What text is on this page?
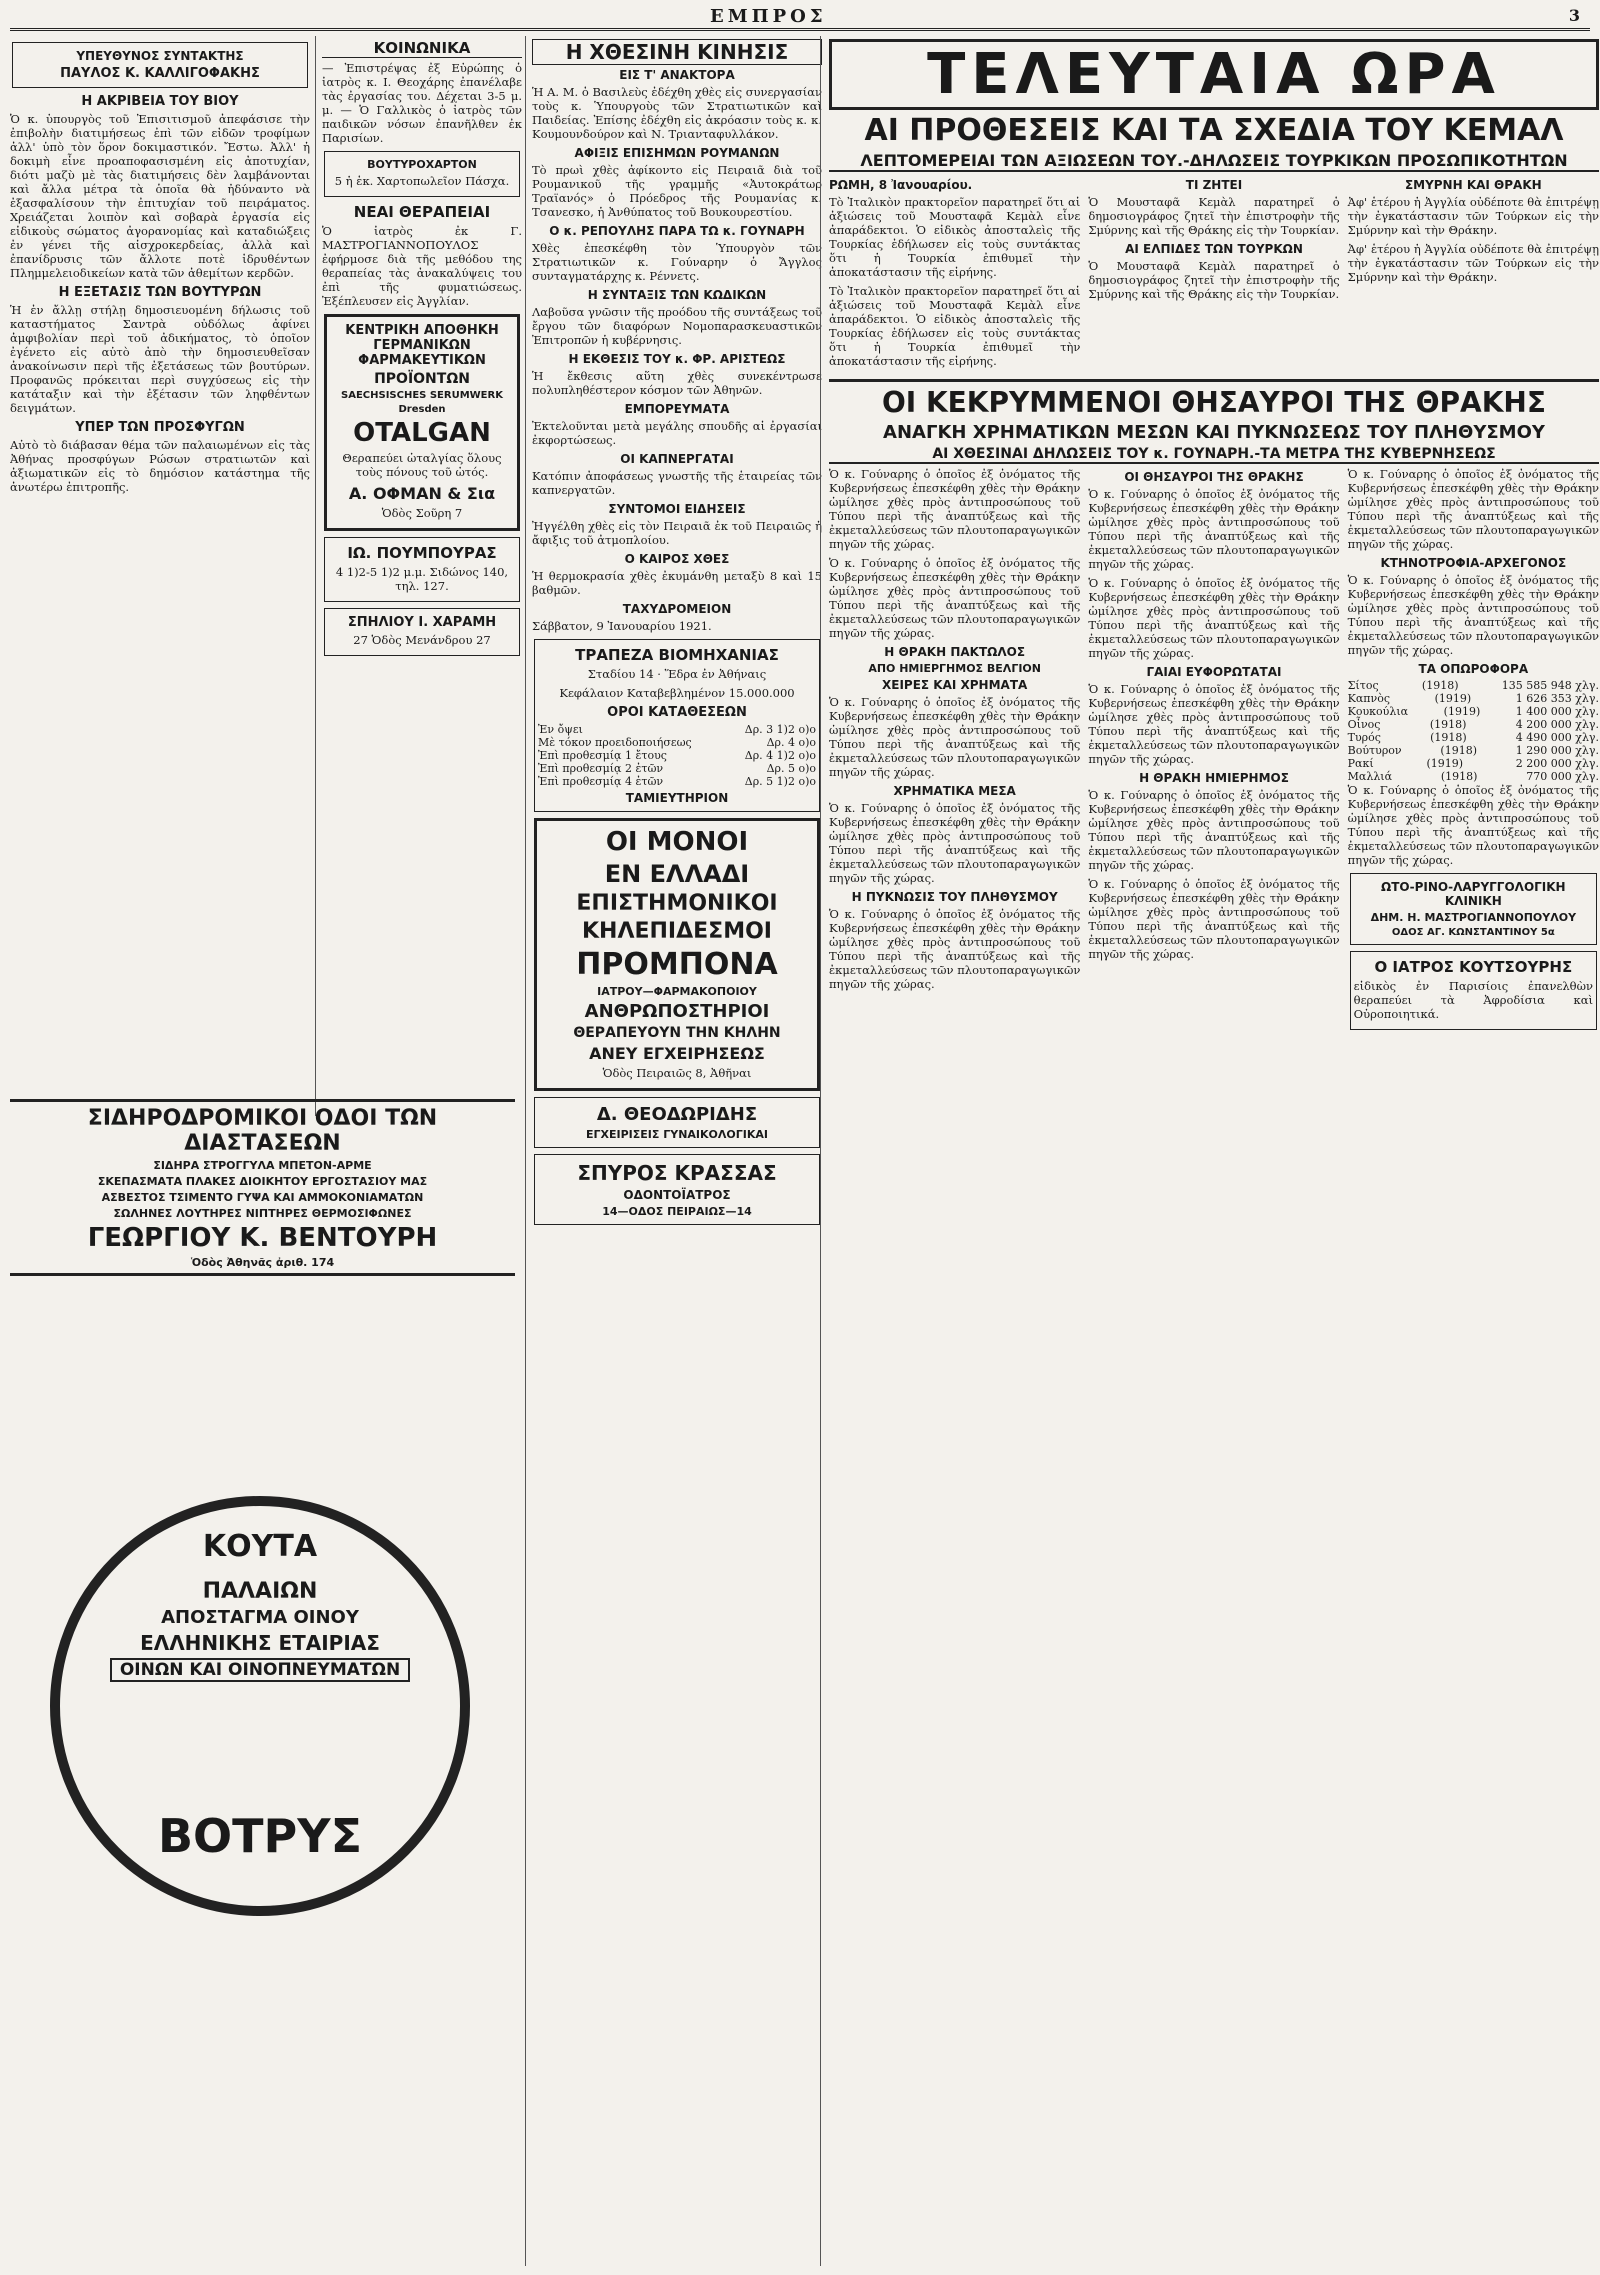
ΕΜΠΡΟΣ	3
ΥΠΕΥΘΥΝΟΣ ΣΥΝΤΑΚΤΗΣ
ΠΑΥΛΟΣ Κ. ΚΑΛΛΙΓΟΦΑΚΗΣ
Η ΑΚΡΙΒΕΙΑ ΤΟΥ ΒΙΟΥ

Ὁ κ. ὑπουργὸς τοῦ Ἐπισιτισμοῦ ἀπεφάσισε τὴν ἐπιβολὴν διατιμήσεως ἐπὶ τῶν εἰδῶν τροφίμων ἀλλ' ὑπὸ τὸν ὅρον δοκιμαστικόν. Ἔστω. Ἀλλ' ἡ δοκιμὴ εἶνε προαποφασισμένη εἰς ἀποτυχίαν, διότι μαζὺ μὲ τὰς διατιμήσεις δὲν λαμβάνονται καὶ ἄλλα μέτρα τὰ ὁποῖα θὰ ἠδύναντο νὰ ἐξασφαλίσουν τὴν ἐπιτυχίαν τοῦ πειράματος. Χρειάζεται λοιπὸν καὶ σοβαρὰ ἐργασία εἰς εἰδικοὺς σώματος ἀγορανομίας καὶ καταδιώξεις ἐν γένει τῆς αἰσχροκερδείας, ἀλλὰ καὶ ἐπανίδρυσις τῶν ἄλλοτε ποτὲ ἱδρυθέντων Πλημμελειοδικείων κατὰ τῶν ἀθεμίτων κερδῶν.

Η ΕΞΕΤΑΣΙΣ ΤΩΝ ΒΟΥΤΥΡΩΝ

Ἡ ἐν ἄλλῃ στήλῃ δημοσιευομένη δήλωσις τοῦ καταστήματος Σαντρὰ οὐδόλως ἀφίνει ἀμφιβολίαν περὶ τοῦ ἀδικήματος, τὸ ὁποῖον ἐγένετο εἰς αὐτὸ ἀπὸ τὴν δημοσιευθεῖσαν ἀνακοίνωσιν περὶ τῆς ἐξετάσεως τῶν βουτύρων. Προφανῶς πρόκειται περὶ συγχύσεως εἰς τὴν κατάταξιν καὶ τὴν ἐξέτασιν τῶν ληφθέντων δειγμάτων.

ΥΠΕΡ ΤΩΝ ΠΡΟΣΦΥΓΩΝ

Αὐτὸ τὸ διάβασαν θέμα τῶν παλαιωμένων εἰς τὰς Ἀθήνας προσφύγων Ρώσων στρατιωτῶν καὶ ἀξιωματικῶν εἰς τὸ δημόσιον κατάστημα τῆς ἀνωτέρω ἐπιτροπῆς.

ΚΟΙΝΩΝΙΚΑ

— Ἐπιστρέψας ἐξ Εὐρώπης ὁ ἰατρὸς κ. Ι. Θεοχάρης ἐπανέλαβε τὰς ἐργασίας του. Δέχεται 3-5 μ. μ. — Ὁ Γαλλικὸς ὁ ἰατρὸς τῶν παιδικῶν νόσων ἐπανῆλθεν ἐκ Παρισίων.

ΒΟΥΤΥΡΟΧΑΡΤΟΝ
5 ἡ ἑκ. Χαρτοπωλεῖον Πάσχα.
ΝΕΑΙ ΘΕΡΑΠΕΙΑΙ

Ὁ ἰατρὸς ἐκ Γ. ΜΑΣΤΡΟΓΙΑΝΝΟΠΟΥΛΟΣ ἐφήρμοσε διὰ τῆς μεθόδου της θεραπείας τὰς ἀνακαλύψεις του ἐπὶ τῆς φυματιώσεως. Ἐξέπλευσεν εἰς Ἀγγλίαν.

ΚΕΝΤΡΙΚΗ ΑΠΟΘΗΚΗ ΓΕΡΜΑΝΙΚΩΝ ΦΑΡΜΑΚΕΥΤΙΚΩΝ
ΠΡΟΪΟΝΤΩΝ
SAECHSISCHES SERUMWERK
Dresden
OTALGAN
Θεραπεύει ὠταλγίας ὅλους τοὺς πόνους τοῦ ὠτός.
Α. ΟΦΜΑΝ & Σια
Ὁδὸς Σοῦρη 7
ΙΩ. ΠΟΥΜΠΟΥΡΑΣ
4 1)2-5 1)2 μ.μ. Σιδώνος 140, τηλ. 127.
ΣΠΗΛΙΟΥ Ι. ΧΑΡΑΜΗ
27 Ὁδὸς Μενάνδρου 27
ΣΙΔΗΡΟΔΡΟΜΙΚΟΙ ΟΔΟΙ ΤΩΝ ΔΙΑΣΤΑΣΕΩΝ
ΣΙΔΗΡΑ ΣΤΡΟΓΓΥΛΑ ΜΠΕΤΟΝ-ΑΡΜΕ
ΣΚΕΠΑΣΜΑΤΑ ΠΛΑΚΕΣ ΔΙΟΙΚΗΤΟΥ ΕΡΓΟΣΤΑΣΙΟΥ ΜΑΣ
ΑΣΒΕΣΤΟΣ ΤΣΙΜΕΝΤΟ ΓΥΨΑ ΚΑΙ ΑΜΜΟΚΟΝΙΑΜΑΤΩΝ
ΣΩΛΗΝΕΣ ΛΟΥΤΗΡΕΣ ΝΙΠΤΗΡΕΣ ΘΕΡΜΟΣΙΦΩΝΕΣ
ΓΕΩΡΓΙΟΥ Κ. ΒΕΝΤΟΥΡΗ
Ὁδὸς Ἀθηνᾶς ἀριθ. 174
ΚΟΥΤΑ
ΠΑΛΑΙΩΝ
ΑΠΟΣΤΑΓΜΑ ΟΙΝΟΥ
ΕΛΛΗΝΙΚΗΣ ΕΤΑΙΡΙΑΣ
ΟΙΝΩΝ ΚΑΙ ΟΙΝΟΠΝΕΥΜΑΤΩΝ
ΒΟΤΡΥΣ
Η ΧΘΕΣΙΝΗ ΚΙΝΗΣΙΣ
ΕΙΣ Τ' ΑΝΑΚΤΟΡΑ

Ἡ Α. Μ. ὁ Βασιλεὺς ἐδέχθη χθὲς εἰς συνεργασίαν τοὺς κ. Ὑπουργοὺς τῶν Στρατιωτικῶν καὶ Παιδείας. Ἐπίσης ἐδέχθη εἰς ἀκρόασιν τοὺς κ. κ. Κουμουνδούρον καὶ Ν. Τριανταφυλλάκον.

ΑΦΙΞΙΣ ΕΠΙΣΗΜΩΝ ΡΟΥΜΑΝΩΝ

Τὸ πρωὶ χθὲς ἀφίκοντο εἰς Πειραιᾶ διὰ τοῦ Ρουμανικοῦ τῆς γραμμῆς «Ἀυτοκράτωρ Τραϊανός» ὁ Πρόεδρος τῆς Ρουμανίας κ. Τσανεσκο, ἡ Ἀνθύπατος τοῦ Βουκουρεστίου.

Ο κ. ΡΕΠΟΥΛΗΣ ΠΑΡΑ ΤΩ κ. ΓΟΥΝΑΡΗ

Χθὲς ἐπεσκέφθη τὸν Ὑπουργὸν τῶν Στρατιωτικῶν κ. Γούναρην ὁ Ἄγγλος συνταγματάρχης κ. Ρέννετς.

Η ΣΥΝΤΑΞΙΣ ΤΩΝ ΚΩΔΙΚΩΝ

Λαβοῦσα γνῶσιν τῆς προόδου τῆς συντάξεως τοῦ ἔργου τῶν διαφόρων Νομοπαρασκευαστικῶν Ἐπιτροπῶν ἡ κυβέρνησις.

Η ΕΚΘΕΣΙΣ ΤΟΥ κ. ΦΡ. ΑΡΙΣΤΕΩΣ

Ἡ ἔκθεσις αὕτη χθὲς συνεκέντρωσε πολυπληθέστερον κόσμον τῶν Ἀθηνῶν.

ΕΜΠΟΡΕΥΜΑΤΑ

Ἐκτελοῦνται μετὰ μεγάλης σπουδῆς αἱ ἐργασίαι ἐκφορτώσεως.

ΟΙ ΚΑΠΝΕΡΓΑΤΑΙ

Κατόπιν ἀποφάσεως γνωστῆς τῆς ἑταιρείας τῶν καπνεργατῶν.

ΣΥΝΤΟΜΟΙ ΕΙΔΗΣΕΙΣ

Ἠγγέλθη χθὲς εἰς τὸν Πειραιᾶ ἐκ τοῦ Πειραιῶς ἡ ἄφιξις τοῦ ἀτμοπλοίου.

Ο ΚΑΙΡΟΣ ΧΘΕΣ

Ἡ θερμοκρασία χθὲς ἐκυμάνθη μεταξὺ 8 καὶ 15 βαθμῶν.

ΤΑΧΥΔΡΟΜΕΙΟΝ

Σάββατον, 9 Ἰανουαρίου 1921.

ΤΡΑΠΕΖΑ ΒΙΟΜΗΧΑΝΙΑΣ
Σταδίου 14 · Ἕδρα ἐν Ἀθήναις
Κεφάλαιον Καταβεβλημένον 15.000.000
ΟΡΟΙ ΚΑΤΑΘΕΣΕΩΝ
Ἐν ὄψει	Δρ. 3 1)2 ο)ο
Μὲ τόκον προειδοποιήσεως	Δρ. 4 ο)ο
Ἐπὶ προθεσμίᾳ 1 ἔτους	Δρ. 4 1)2 ο)ο
Ἐπὶ προθεσμίᾳ 2 ἐτῶν	Δρ. 5 ο)ο
Ἐπὶ προθεσμίᾳ 4 ἐτῶν	Δρ. 5 1)2 ο)ο
ΤΑΜΙΕΥΤΗΡΙΟΝ
ΟΙ ΜΟΝΟΙ
ΕΝ ΕΛΛΑΔΙ
ΕΠΙΣΤΗΜΟΝΙΚΟΙ
ΚΗΛΕΠΙΔΕΣΜΟΙ
ΠΡΟΜΠΟΝΑ
ΙΑΤΡΟΥ—ΦΑΡΜΑΚΟΠΟΙΟΥ
ΑΝΘΡΩΠΟΣΤΗΡΙΟΙ
ΘΕΡΑΠΕΥΟΥΝ ΤΗΝ ΚΗΛΗΝ
ΑΝΕΥ ΕΓΧΕΙΡΗΣΕΩΣ
Ὁδὸς Πειραιῶς 8, Ἀθῆναι
Δ. ΘΕΟΔΩΡΙΔΗΣ
ΕΓΧΕΙΡΙΣΕΙΣ ΓΥΝΑΙΚΟΛΟΓΙΚΑΙ
ΣΠΥΡΟΣ ΚΡΑΣΣΑΣ
ΟΔΟΝΤΟΪΑΤΡΟΣ
14—ΟΔΟΣ ΠΕΙΡΑΙΩΣ—14
ΤΕΛΕΥΤΑΙΑ ΩΡΑ
ΑΙ ΠΡΟΘΕΣΕΙΣ ΚΑΙ ΤΑ ΣΧΕΔΙΑ ΤΟΥ ΚΕΜΑΛ
ΛΕΠΤΟΜΕΡΕΙΑΙ ΤΩΝ ΑΞΙΩΣΕΩΝ ΤΟΥ.-ΔΗΛΩΣΕΙΣ ΤΟΥΡΚΙΚΩΝ ΠΡΟΣΩΠΙΚΟΤΗΤΩΝ
ΡΩΜΗ, 8 Ἰανουαρίου.

Τὸ Ἰταλικὸν πρακτορεῖον παρατηρεῖ ὅτι αἱ ἀξιώσεις τοῦ Μουσταφᾶ Κεμὰλ εἶνε ἀπαράδεκτοι. Ὁ εἰδικὸς ἀποσταλεὶς τῆς Τουρκίας ἐδήλωσεν εἰς τοὺς συντάκτας ὅτι ἡ Τουρκία ἐπιθυμεῖ τὴν ἀποκατάστασιν τῆς εἰρήνης.

Τὸ Ἰταλικὸν πρακτορεῖον παρατηρεῖ ὅτι αἱ ἀξιώσεις τοῦ Μουσταφᾶ Κεμὰλ εἶνε ἀπαράδεκτοι. Ὁ εἰδικὸς ἀποσταλεὶς τῆς Τουρκίας ἐδήλωσεν εἰς τοὺς συντάκτας ὅτι ἡ Τουρκία ἐπιθυμεῖ τὴν ἀποκατάστασιν τῆς εἰρήνης.

ΤΙ ΖΗΤΕΙ

Ὁ Μουσταφᾶ Κεμὰλ παρατηρεῖ ὁ δημοσιογράφος ζητεῖ τὴν ἐπιστροφὴν τῆς Σμύρνης καὶ τῆς Θράκης εἰς τὴν Τουρκίαν.

ΑΙ ΕΛΠΙΔΕΣ ΤΩΝ ΤΟΥΡΚΩΝ

Ὁ Μουσταφᾶ Κεμὰλ παρατηρεῖ ὁ δημοσιογράφος ζητεῖ τὴν ἐπιστροφὴν τῆς Σμύρνης καὶ τῆς Θράκης εἰς τὴν Τουρκίαν.

ΣΜΥΡΝΗ ΚΑΙ ΘΡΑΚΗ

Ἀφ' ἑτέρου ἡ Ἀγγλία οὐδέποτε θὰ ἐπιτρέψῃ τὴν ἐγκατάστασιν τῶν Τούρκων εἰς τὴν Σμύρνην καὶ τὴν Θράκην.

Ἀφ' ἑτέρου ἡ Ἀγγλία οὐδέποτε θὰ ἐπιτρέψῃ τὴν ἐγκατάστασιν τῶν Τούρκων εἰς τὴν Σμύρνην καὶ τὴν Θράκην.

ΟΙ ΚΕΚΡΥΜΜΕΝΟΙ ΘΗΣΑΥΡΟΙ ΤΗΣ ΘΡΑΚΗΣ
ΑΝΑΓΚΗ ΧΡΗΜΑΤΙΚΩΝ ΜΕΣΩΝ ΚΑΙ ΠΥΚΝΩΣΕΩΣ ΤΟΥ ΠΛΗΘΥΣΜΟΥ
ΑΙ ΧΘΕΣΙΝΑΙ ΔΗΛΩΣΕΙΣ ΤΟΥ κ. ΓΟΥΝΑΡΗ.-ΤΑ ΜΕΤΡΑ ΤΗΣ ΚΥΒΕΡΝΗΣΕΩΣ

Ὁ κ. Γούναρης ὁ ὁποῖος ἐξ ὀνόματος τῆς Κυβερνήσεως ἐπεσκέφθη χθὲς τὴν Θράκην ὡμίλησε χθὲς πρὸς ἀντιπροσώπους τοῦ Τύπου περὶ τῆς ἀναπτύξεως καὶ τῆς ἐκμεταλλεύσεως τῶν πλουτοπαραγωγικῶν πηγῶν τῆς χώρας.

Ὁ κ. Γούναρης ὁ ὁποῖος ἐξ ὀνόματος τῆς Κυβερνήσεως ἐπεσκέφθη χθὲς τὴν Θράκην ὡμίλησε χθὲς πρὸς ἀντιπροσώπους τοῦ Τύπου περὶ τῆς ἀναπτύξεως καὶ τῆς ἐκμεταλλεύσεως τῶν πλουτοπαραγωγικῶν πηγῶν τῆς χώρας.

Η ΘΡΑΚΗ ΠΑΚΤΩΛΟΣ
ΑΠΟ ΗΜΙΕΡΓΗΜΟΣ ΒΕΛΓΙΟΝ
ΧΕΙΡΕΣ ΚΑΙ ΧΡΗΜΑΤΑ

Ὁ κ. Γούναρης ὁ ὁποῖος ἐξ ὀνόματος τῆς Κυβερνήσεως ἐπεσκέφθη χθὲς τὴν Θράκην ὡμίλησε χθὲς πρὸς ἀντιπροσώπους τοῦ Τύπου περὶ τῆς ἀναπτύξεως καὶ τῆς ἐκμεταλλεύσεως τῶν πλουτοπαραγωγικῶν πηγῶν τῆς χώρας.

ΧΡΗΜΑΤΙΚΑ ΜΕΣΑ

Ὁ κ. Γούναρης ὁ ὁποῖος ἐξ ὀνόματος τῆς Κυβερνήσεως ἐπεσκέφθη χθὲς τὴν Θράκην ὡμίλησε χθὲς πρὸς ἀντιπροσώπους τοῦ Τύπου περὶ τῆς ἀναπτύξεως καὶ τῆς ἐκμεταλλεύσεως τῶν πλουτοπαραγωγικῶν πηγῶν τῆς χώρας.

Η ΠΥΚΝΩΣΙΣ ΤΟΥ ΠΛΗΘΥΣΜΟΥ

Ὁ κ. Γούναρης ὁ ὁποῖος ἐξ ὀνόματος τῆς Κυβερνήσεως ἐπεσκέφθη χθὲς τὴν Θράκην ὡμίλησε χθὲς πρὸς ἀντιπροσώπους τοῦ Τύπου περὶ τῆς ἀναπτύξεως καὶ τῆς ἐκμεταλλεύσεως τῶν πλουτοπαραγωγικῶν πηγῶν τῆς χώρας.

ΟΙ ΘΗΣΑΥΡΟΙ ΤΗΣ ΘΡΑΚΗΣ

Ὁ κ. Γούναρης ὁ ὁποῖος ἐξ ὀνόματος τῆς Κυβερνήσεως ἐπεσκέφθη χθὲς τὴν Θράκην ὡμίλησε χθὲς πρὸς ἀντιπροσώπους τοῦ Τύπου περὶ τῆς ἀναπτύξεως καὶ τῆς ἐκμεταλλεύσεως τῶν πλουτοπαραγωγικῶν πηγῶν τῆς χώρας.

Ὁ κ. Γούναρης ὁ ὁποῖος ἐξ ὀνόματος τῆς Κυβερνήσεως ἐπεσκέφθη χθὲς τὴν Θράκην ὡμίλησε χθὲς πρὸς ἀντιπροσώπους τοῦ Τύπου περὶ τῆς ἀναπτύξεως καὶ τῆς ἐκμεταλλεύσεως τῶν πλουτοπαραγωγικῶν πηγῶν τῆς χώρας.

ΓΑΙΑΙ ΕΥΦΟΡΩΤΑΤΑΙ

Ὁ κ. Γούναρης ὁ ὁποῖος ἐξ ὀνόματος τῆς Κυβερνήσεως ἐπεσκέφθη χθὲς τὴν Θράκην ὡμίλησε χθὲς πρὸς ἀντιπροσώπους τοῦ Τύπου περὶ τῆς ἀναπτύξεως καὶ τῆς ἐκμεταλλεύσεως τῶν πλουτοπαραγωγικῶν πηγῶν τῆς χώρας.

Η ΘΡΑΚΗ ΗΜΙΕΡΗΜΟΣ

Ὁ κ. Γούναρης ὁ ὁποῖος ἐξ ὀνόματος τῆς Κυβερνήσεως ἐπεσκέφθη χθὲς τὴν Θράκην ὡμίλησε χθὲς πρὸς ἀντιπροσώπους τοῦ Τύπου περὶ τῆς ἀναπτύξεως καὶ τῆς ἐκμεταλλεύσεως τῶν πλουτοπαραγωγικῶν πηγῶν τῆς χώρας.

Ὁ κ. Γούναρης ὁ ὁποῖος ἐξ ὀνόματος τῆς Κυβερνήσεως ἐπεσκέφθη χθὲς τὴν Θράκην ὡμίλησε χθὲς πρὸς ἀντιπροσώπους τοῦ Τύπου περὶ τῆς ἀναπτύξεως καὶ τῆς ἐκμεταλλεύσεως τῶν πλουτοπαραγωγικῶν πηγῶν τῆς χώρας.

Ὁ κ. Γούναρης ὁ ὁποῖος ἐξ ὀνόματος τῆς Κυβερνήσεως ἐπεσκέφθη χθὲς τὴν Θράκην ὡμίλησε χθὲς πρὸς ἀντιπροσώπους τοῦ Τύπου περὶ τῆς ἀναπτύξεως καὶ τῆς ἐκμεταλλεύσεως τῶν πλουτοπαραγωγικῶν πηγῶν τῆς χώρας.

ΚΤΗΝΟΤΡΟΦΙΑ-ΑΡΧΕΓΟΝΟΣ

Ὁ κ. Γούναρης ὁ ὁποῖος ἐξ ὀνόματος τῆς Κυβερνήσεως ἐπεσκέφθη χθὲς τὴν Θράκην ὡμίλησε χθὲς πρὸς ἀντιπροσώπους τοῦ Τύπου περὶ τῆς ἀναπτύξεως καὶ τῆς ἐκμεταλλεύσεως τῶν πλουτοπαραγωγικῶν πηγῶν τῆς χώρας.

ΤΑ ΟΠΩΡΟΦΟΡΑ
Σίτος	(1918)	135 585 948 χλγ.
Καπνὸς	(1919)	1 626 353 χλγ.
Κουκούλια	(1919)	1 400 000 χλγ.
Οἶνος	(1918)	4 200 000 χλγ.
Τυρός	(1918)	4 490 000 χλγ.
Βούτυρον	(1918)	1 290 000 χλγ.
Ρακί	(1919)	2 200 000 χλγ.
Μαλλιά	(1918)	770 000 χλγ.

Ὁ κ. Γούναρης ὁ ὁποῖος ἐξ ὀνόματος τῆς Κυβερνήσεως ἐπεσκέφθη χθὲς τὴν Θράκην ὡμίλησε χθὲς πρὸς ἀντιπροσώπους τοῦ Τύπου περὶ τῆς ἀναπτύξεως καὶ τῆς ἐκμεταλλεύσεως τῶν πλουτοπαραγωγικῶν πηγῶν τῆς χώρας.

ΩΤΟ-ΡΙΝΟ-ΛΑΡΥΓΓΟΛΟΓΙΚΗ ΚΛΙΝΙΚΗ
ΔΗΜ. Η. ΜΑΣΤΡΟΓΙΑΝΝΟΠΟΥΛΟΥ
ΟΔΟΣ ΑΓ. ΚΩΝΣΤΑΝΤΙΝΟΥ 5α
Ο ΙΑΤΡΟΣ ΚΟΥΤΣΟΥΡΗΣ
εἰδικὸς ἐν Παρισίοις ἐπανελθὼν θεραπεύει τὰ Ἀφροδίσια καὶ Οὐροποιητικά.
